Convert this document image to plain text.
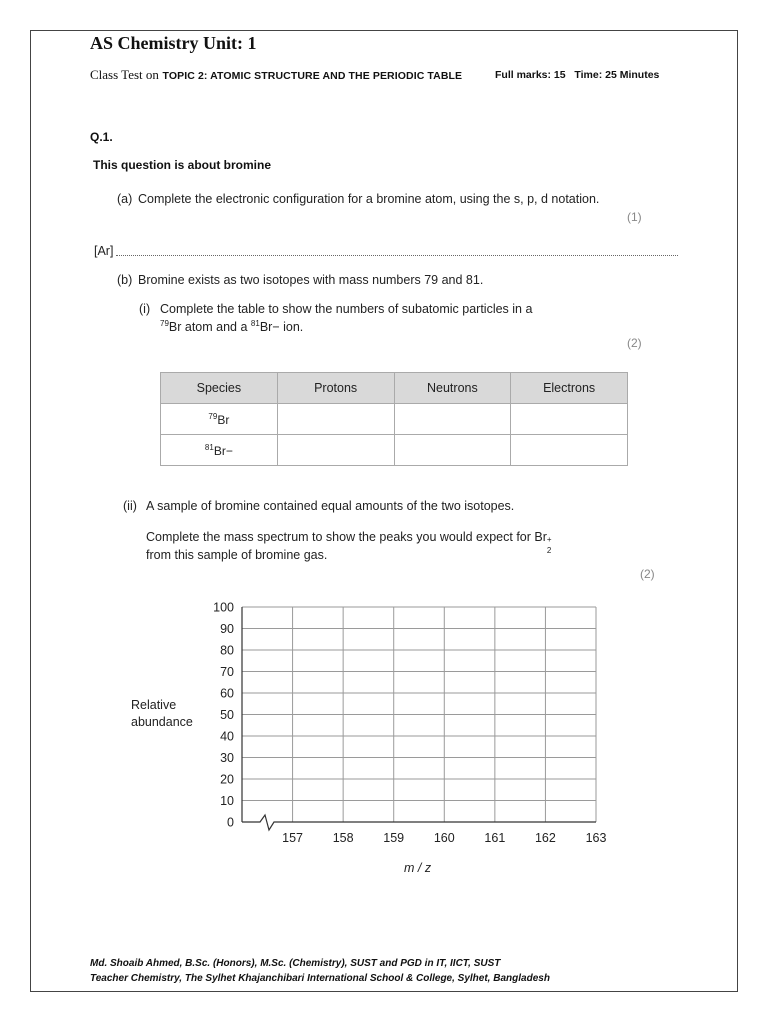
AS Chemistry Unit: 1
Class Test on TOPIC 2: ATOMIC STRUCTURE AND THE PERIODIC TABLE	Full marks: 15 Time: 25 Minutes
Q.1.
This question is about bromine
(a) Complete the electronic configuration for a bromine atom, using the s, p, d notation.
(1)
[Ar]
(b) Bromine exists as two isotopes with mass numbers 79 and 81.
(i) Complete the table to show the numbers of subatomic particles in a
$^{79}$Br atom and a $^{81}$Br− ion.
(2)
Species	Protons	Neutrons	Electrons
$^{79}$Br			
$^{81}$Br−			
(ii) A sample of bromine contained equal amounts of the two isotopes.
Complete the mass spectrum to show the peaks you would expect for Br +
2
from this sample of bromine gas.
(2)
0
10
20
30
40
50
60
70
80
90
100
157 158 159 160 161 162 163
Relative abundance
m / z
Md. Shoaib Ahmed, B.Sc. (Honors), M.Sc. (Chemistry), SUST and PGD in IT, IICT, SUST
Teacher Chemistry, The Sylhet Khajanchibari International School & College, Sylhet, Bangladesh
